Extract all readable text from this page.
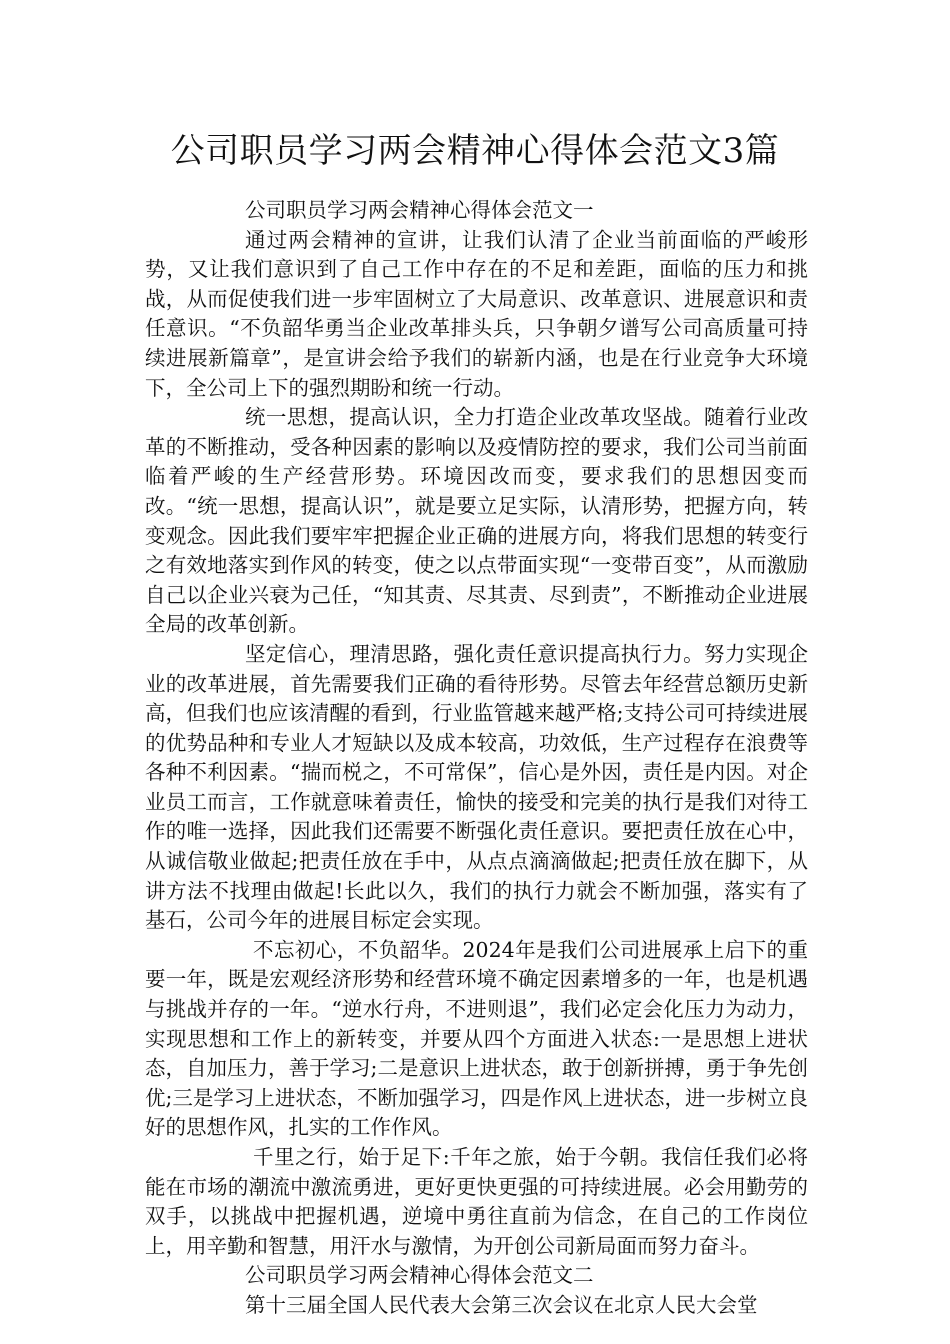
公司职员学习两会精神心得体会范文3篇

公司职员学习两会精神心得体会范文一

通过两会精神的宣讲，让我们认清了企业当前面临的严峻形势，又让我们意识到了自己工作中存在的不足和差距，面临的压力和挑战，从而促使我们进一步牢固树立了大局意识、改革意识、进展意识和责任意识。“不负韶华勇当企业改革排头兵，只争朝夕谱写公司高质量可持续进展新篇章”，是宣讲会给予我们的崭新内涵，也是在行业竞争大环境下，全公司上下的强烈期盼和统一行动。

统一思想，提高认识，全力打造企业改革攻坚战。随着行业改革的不断推动，受各种因素的影响以及疫情防控的要求，我们公司当前面临着严峻的生产经营形势。环境因改而变，要求我们的思想因变而改。“统一思想，提高认识”，就是要立足实际，认清形势，把握方向，转变观念。因此我们要牢牢把握企业正确的进展方向，将我们思想的转变行之有效地落实到作风的转变，使之以点带面实现“一变带百变”，从而激励自己以企业兴衰为己任，“知其责、尽其责、尽到责”，不断推动企业进展全局的改革创新。

坚定信心，理清思路，强化责任意识提高执行力。努力实现企业的改革进展，首先需要我们正确的看待形势。尽管去年经营总额历史新高，但我们也应该清醒的看到，行业监管越来越严格;支持公司可持续进展的优势品种和专业人才短缺以及成本较高，功效低，生产过程存在浪费等各种不利因素。“揣而棁之，不可常保”，信心是外因，责任是内因。对企业员工而言，工作就意味着责任，愉快的接受和完美的执行是我们对待工作的唯一选择，因此我们还需要不断强化责任意识。要把责任放在心中，从诚信敬业做起;把责任放在手中，从点点滴滴做起;把责任放在脚下，从讲方法不找理由做起!长此以久，我们的执行力就会不断加强，落实有了基石，公司今年的进展目标定会实现。

不忘初心，不负韶华。2024年是我们公司进展承上启下的重要一年，既是宏观经济形势和经营环境不确定因素增多的一年，也是机遇与挑战并存的一年。“逆水行舟，不进则退”，我们必定会化压力为动力，实现思想和工作上的新转变，并要从四个方面进入状态:一是思想上进状态，自加压力，善于学习;二是意识上进状态，敢于创新拼搏，勇于争先创优;三是学习上进状态，不断加强学习，四是作风上进状态，进一步树立良好的思想作风，扎实的工作作风。

千里之行，始于足下:千年之旅，始于今朝。我信任我们必将能在市场的潮流中激流勇进，更好更快更强的可持续进展。必会用勤劳的双手，以挑战中把握机遇，逆境中勇往直前为信念，在自己的工作岗位上，用辛勤和智慧，用汗水与激情，为开创公司新局面而努力奋斗。

公司职员学习两会精神心得体会范文二

第十三届全国人民代表大会第三次会议在北京人民大会堂
